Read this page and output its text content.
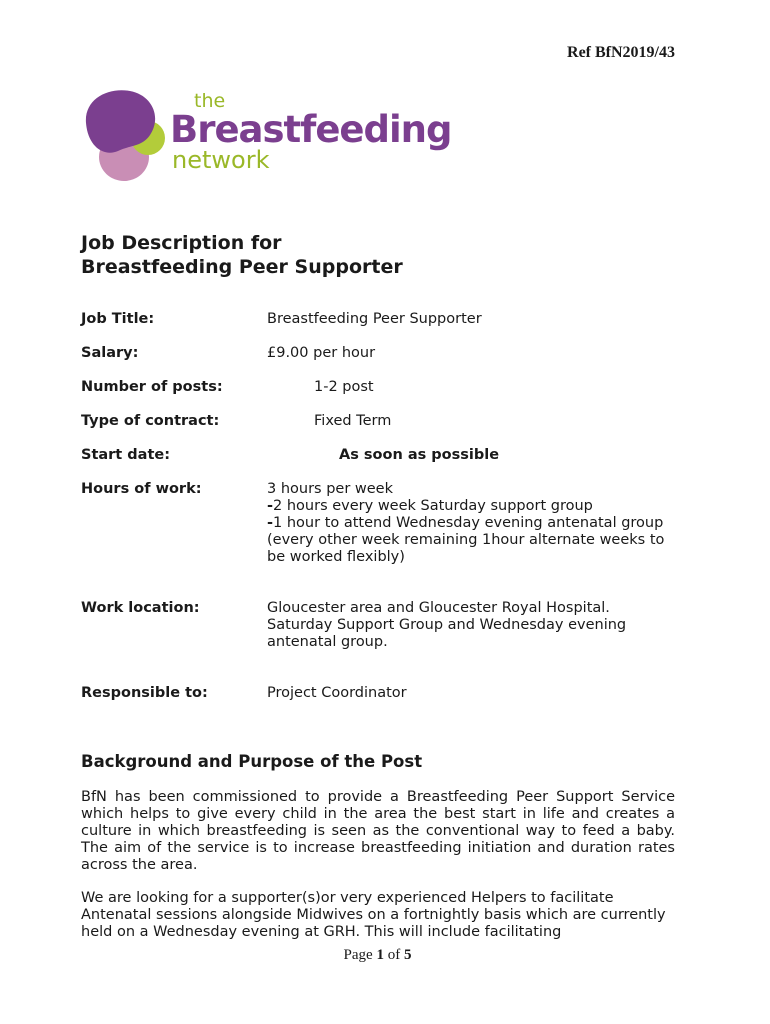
Ref BfN2019/43
the
Breastfeeding
network
Job Description for
Breastfeeding Peer Supporter
Job Title:	Breastfeeding Peer Supporter
Salary:	£9.00 per hour
Number of posts:	1-2 post
Type of contract:	Fixed Term
Start date:	As soon as possible
Hours of work:	3 hours per week
-2 hours every week Saturday support group
-1 hour to attend Wednesday evening antenatal group (every other week remaining 1hour alternate weeks to be worked flexibly)
Work location:	Gloucester area and Gloucester Royal Hospital. Saturday Support Group and Wednesday evening antenatal group.
Responsible to:	Project Coordinator
Background and Purpose of the Post

BfN has been commissioned to provide a Breastfeeding Peer Support Service which helps to give every child in the area the best start in life and creates a culture in which breastfeeding is seen as the conventional way to feed a baby. The aim of the service is to increase breastfeeding initiation and duration rates across the area.

We are looking for a supporter(s)or very experienced Helpers to facilitate Antenatal sessions alongside Midwives on a fortnightly basis which are currently held on a Wednesday evening at GRH. This will include facilitating

Page 1 of 5
